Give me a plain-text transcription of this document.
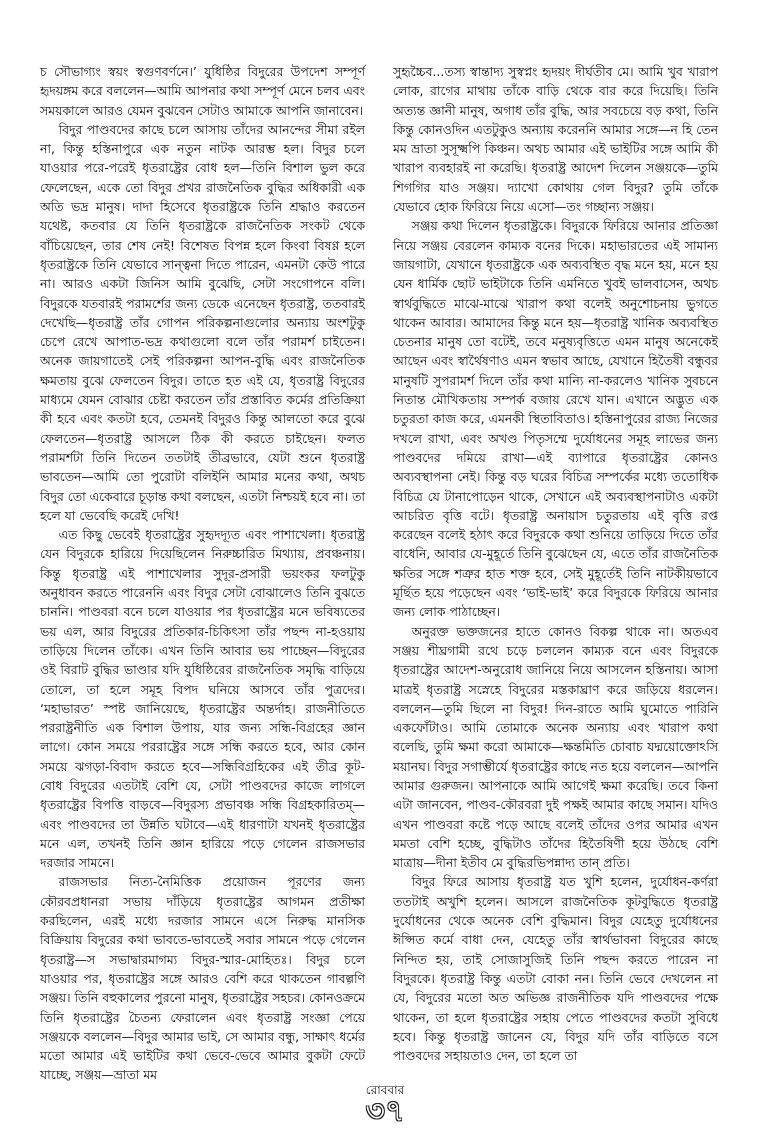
চ সৌভাগ্যং স্বয়ং স্বগুণবর্ণনে।’ যুধিষ্ঠির বিদুরের উপদেশ সম্পূর্ণ হৃদয়ঙ্গম করে বললেন—আমি আপনার কথা সম্পূর্ণ মেনে চলব এবং সময়কালে আরও যেমন বুঝবেন সেটাও আমাকে আপনি জানাবেন।

বিদুর পাণ্ডবদের কাছে চলে আসায় তাঁদের আনন্দের সীমা রইল না, কিন্তু হস্তিনাপুরে এক নতুন নাটক আরম্ভ হল। বিদুর চলে যাওয়ার পরে-পরেই ধৃতরাষ্ট্রের বোধ হল—তিনি বিশাল ভুল করে ফেলেছেন, একে তো বিদুর প্রখর রাজনৈতিক বুদ্ধির অধিকারী এক অতি ভদ্র মানুষ। দাদা হিসেবে ধৃতরাষ্ট্রকে তিনি শ্রদ্ধাও করতেন যথেষ্ট, কতবার যে তিনি ধৃতরাষ্ট্রকে রাজনৈতিক সংকট থেকে বাঁচিয়েছেন, তার শেষ নেই! বিশেষত বিপন্ন হলে কিংবা বিষণ্ণ হলে ধৃতরাষ্ট্রকে তিনি যেভাবে সান্ত্বনা দিতে পারেন, এমনটা কেউ পারে না। আরও একটা জিনিস আমি বুঝেছি, সেটা সংগোপনে বলি। বিদুরকে যতবারই পরামর্শের জন্য ডেকে এনেছেন ধৃতরাষ্ট্র, ততবারই দেখেছি—ধৃতরাষ্ট্র তাঁর গোপন পরিকল্পনাগুলোর অন্যায় অংশটুকু চেপে রেখে আপাত-ভদ্র কথাগুলো বলে তাঁর পরামর্শ চাইতেন। অনেক জায়গাতেই সেই পরিকল্পনা আপন-বুদ্ধি এবং রাজনৈতিক ক্ষমতায় বুঝে ফেলতেন বিদুর। তাতে হত এই যে, ধৃতরাষ্ট্র বিদুরের মাধ্যমে যেমন বোঝার চেষ্টা করতেন তাঁর প্রস্তাবিত কর্মের প্রতিক্রিয়া কী হবে এবং কতটা হবে, তেমনই বিদুরও কিন্তু আলতো করে বুঝে ফেলতেন—ধৃতরাষ্ট্র আসলে ঠিক কী করতে চাইছেন। ফলত পরামর্শটা তিনি দিতেন ততটাই তীব্রভাবে, যেটা শুনে ধৃতরাষ্ট্র ভাবতেন—আমি তো পুরোটা বলিইনি আমার মনের কথা, অথচ বিদুর তো একেবারে চূড়ান্ত কথা বলছেন, এতটা নিশ্চয়ই হবে না। তা হলে যা ভেবেছি করেই দেখি!

এত কিছু ভেবেই ধৃতরাষ্ট্রের সুহৃদদ্যূত এবং পাশাখেলা। ধৃতরাষ্ট্র যেন বিদুরকে হারিয়ে দিয়েছিলেন নিরুচ্চারিত মিথ্যায়, প্রবঞ্চনায়। কিন্তু ধৃতরাষ্ট্র এই পাশাখেলার সুদূর-প্রসারী ভয়ংকর ফলটুকু অনুধাবন করতে পারেননি এবং বিদুর সেটা বোঝালেও তিনি বুঝতে চাননি। পাণ্ডবরা বনে চলে যাওয়ার পর ধৃতরাষ্ট্রের মনে ভবিষ্যতের ভয় এল, আর বিদুরের প্রতিকার-চিকিৎসা তাঁর পছন্দ না-হওয়ায় তাড়িয়ে দিলেন তাঁকে। এখন তিনি আবার ভয় পাচ্ছেন—বিদুরের ওই বিরাট বুদ্ধির ভাণ্ডার যদি যুধিষ্ঠিরের রাজনৈতিক সমৃদ্ধি বাড়িয়ে তোলে, তা হলে সমূহ বিপদ ঘনিয়ে আসবে তাঁর পুত্রদের। ‘মহাভারত’ স্পষ্ট জানিয়েছে, ধৃতরাষ্ট্রের অন্তর্দাহ। রাজনীতিতে পররাষ্ট্রনীতি এক বিশাল উপায়, যার জন্য সন্ধি-বিগ্রহের জ্ঞান লাগে। কোন সময়ে পররাষ্ট্রের সঙ্গে সন্ধি করতে হবে, আর কোন সময়ে ঝগড়া-বিবাদ করতে হবে—সন্ধিবিগ্রহিকের এই তীব্র কূট-বোধ বিদুরের এতটাই বেশি যে, সেটা পাণ্ডবদের কাজে লাগলে ধৃতরাষ্ট্রের বিপত্তি বাড়বে—বিদুরস্য প্রভাবঞ্চ সন্ধি বিগ্রহকারিতম্—এবং পাণ্ডবদের তা উন্নতি ঘটাবে—এই ধারণাটা যখনই ধৃতরাষ্ট্রের মনে এল, তখনই তিনি জ্ঞান হারিয়ে পড়ে গেলেন রাজসভার দরজার সামনে।

রাজসভার নিত্য-নৈমিত্তিক প্রয়োজন পূরণের জন্য কৌরবপ্রধানরা সভায় দাঁড়িয়ে ধৃতরাষ্ট্রের আগমন প্রতীক্ষা করছিলেন, এরই মধ্যে দরজার সামনে এসে নিরুদ্ধ মানসিক বিক্রিয়ায় বিদুরের কথা ভাবতে-ভাবতেই সবার সামনে পড়ে গেলেন ধৃতরাষ্ট্র—স সভাদ্বারমাগম্য বিদুর-স্মার-মোহিতঃ। বিদুর চলে যাওয়ার পর, ধৃতরাষ্ট্রের সঙ্গে আরও বেশি করে থাকতেন গাবল্গণি সঞ্জয়। তিনি বহুকালের পুরনো মানুষ, ধৃতরাষ্ট্রের সহচর। কোনওক্রমে তিনি ধৃতরাষ্ট্রের চৈতন্য ফেরালেন এবং ধৃতরাষ্ট্র সংজ্ঞা পেয়ে সঞ্জয়কে বললেন—বিদুর আমার ভাই, সে আমার বন্ধু, সাক্ষাৎ ধর্মের মতো আমার এই ভাইটির কথা ভেবে-ভেবে আমার বুকটা ফেটে যাচ্ছে, সঞ্জয়—ভ্রাতা মম

সুহৃচ্চৈব...তস্য স্বান্তাদ্য সুস্বপ্নং হৃদয়ং দীর্ঘতীব মে। আমি খুব খারাপ লোক, রাগের মাথায় তাঁকে বাড়ি থেকে বার করে দিয়েছি। তিনি অত্যন্ত জ্ঞানী মানুষ, অগাধ তাঁর বুদ্ধি, আর সবচেয়ে বড় কথা, তিনি কিন্তু কোনওদিন এতটুকুও অন্যায় করেননি আমার সঙ্গে—ন হি তেন মম ভ্রাতা সুসূক্ষ্মপি কিঞ্চন। অথচ আমার এই ভাইটির সঙ্গে আমি কী খারাপ ব্যবহারই না করেছি। ধৃতরাষ্ট্র আদেশ দিলেন সঞ্জয়কে—তুমি শিগগির যাও সঞ্জয়। দ্যাখো কোথায় গেল বিদুর? তুমি তাঁকে যেভাবে হোক ফিরিয়ে নিয়ে এসো—তং গচ্ছান্য সঞ্জয়।

সঞ্জয় কথা দিলেন ধৃতরাষ্ট্রকে। বিদুরকে ফিরিয়ে আনার প্রতিজ্ঞা নিয়ে সঞ্জয় বেরলেন কাম্যক বনের দিকে। মহাভারতের এই সামান্য জায়গাটা, যেখানে ধৃতরাষ্ট্রকে এক অব্যবস্থিত বৃদ্ধ মনে হয়, মনে হয় যেন ধার্মিক ছোট ভাইটাকে তিনি এমনিতে খুবই ভালবাসেন, অথচ স্বার্থবুদ্ধিতে মাঝে-মাঝে খারাপ কথা বলেই অনুশোচনায় ভুগতে থাকেন আবার। আমাদের কিন্তু মনে হয়—ধৃতরাষ্ট্র খানিক অব্যবস্থিত চেতনার মানুষ তো বটেই, তবে মনুষ্যবৃত্তিতে এমন মানুষ অনেকেই আছেন এবং স্বার্থৈষণাও এমন স্বভাব আছে, যেখানে হিতৈষী বন্ধুবর মানুষটি সুপরামর্শ দিলে তাঁর কথা মান্যি না-করলেও খানিক সুবচনে নিতান্ত মৌখিকতায় সম্পর্ক বজায় রেখে যান। এখানে অদ্ভুত এক চতুরতা কাজ করে, এমনকী স্থিতাবিতাও। হস্তিনাপুরের রাজ্য নিজের দখলে রাখা, এবং অখণ্ড পিতৃসম্মে দুর্যোধনের সমূহ লাভের জন্য পাণ্ডবদের দমিয়ে রাখা—এই ব্যাপারে ধৃতরাষ্ট্রের কোনও অব্যবস্থাপনা নেই। কিন্তু বড় ঘরের বিচিত্র সম্পর্কের মধ্যে ততোধিক বিচিত্র যে টানাপোড়েন থাকে, সেখানে এই অব্যবস্থাপনাটাও একটা আচরিত বৃত্তি বটে। ধৃতরাষ্ট্র অনায়াস চতুরতায় এই বৃত্তি রপ্ত করেছেন বলেই হঠাৎ করে বিদুরকে কথা শুনিয়ে তাড়িয়ে দিতে তাঁর বাধেনি, আবার যে-মুহূর্তে তিনি বুঝেছেন যে, এতে তাঁর রাজনৈতিক ক্ষতির সঙ্গে শত্রুর হাত শক্ত হবে, সেই মুহূর্তেই তিনি নাটকীয়ভাবে মূর্ছিত হয়ে পড়েছেন এবং ‘ভাই-ভাই’ করে বিদুরকে ফিরিয়ে আনার জন্য লোক পাঠাচ্ছেন।

অনুরক্ত ভক্তজনের হাতে কোনও বিকল্প থাকে না। অতএব সঞ্জয় শীঘ্রগামী রথে চড়ে চললেন কাম্যক বনে এবং বিদুরকে ধৃতরাষ্ট্রের আদেশ-অনুরোধ জানিয়ে নিয়ে আসলেন হস্তিনায়। আসা মাত্রই ধৃতরাষ্ট্র সস্নেহে বিদুরের মস্তকাঘ্রাণ করে জড়িয়ে ধরলেন। বললেন—তুমি ছিলে না বিদুর! দিন-রাতে আমি ঘুমোতে পারিনি একফোঁটাও। আমি তোমাকে অনেক অন্যায় এবং খারাপ কথা বলেছি, তুমি ক্ষমা করো আমাকে—ক্ষন্তমিতি চোবাচ যদ্ময়োক্তোঽসি ময়ানঘ। বিদুর সগাম্ভীর্যে ধৃতরাষ্ট্রের কাছে নত হয়ে বললেন—আপনি আমার গুরুজন। আপনাকে আমি আগেই ক্ষমা করেছি। তবে কিনা এটা জানবেন, পাণ্ডব-কৌরবরা দুই পক্ষই আমার কাছে সমান। যদিও এখন পাণ্ডবরা কষ্টে পড়ে আছে বলেই তাঁদের ওপর আমার এখন মমতা বেশি হচ্ছে, বুদ্ধিটাও তাঁদের হিতৈষিণী হয়ে উঠছে বেশি মাত্রায়—দীনা ইতীব মে বুদ্ধিরভিপন্নাদ্য তান্ প্রতি।

বিদুর ফিরে আসায় ধৃতরাষ্ট্র যত খুশি হলেন, দুর্যোধন-কর্ণরা ততটাই অখুশি হলেন। আসলে রাজনৈতিক কূটবুদ্ধিতে ধৃতরাষ্ট্র দুর্যোধনের থেকে অনেক বেশি বুদ্ধিমান। বিদুর যেহেতু দুর্যোধনের ঈপ্সিত কর্মে বাধা দেন, যেহেতু তাঁর স্বার্থভাবনা বিদুরের কাছে নিন্দিত হয়, তাই সোজাসুজিই তিনি পছন্দ করতে পারেন না বিদুরকে। ধৃতরাষ্ট্র কিন্তু এতটা বোকা নন। তিনি ভেবে দেখলেন না যে, বিদুরের মতো অত অভিজ্ঞ রাজনীতিক যদি পাণ্ডবদের পক্ষে থাকেন, তা হলে ধৃতরাষ্ট্রের সহায় পেতে পাণ্ডবদের কতটা সুবিধে হবে। কিন্তু ধৃতরাষ্ট্র জানেন যে, বিদুর যদি তাঁর বাড়িতে বসে পাণ্ডবদের সহায়তাও দেন, তা হলে তা

রোববার
৩৭
